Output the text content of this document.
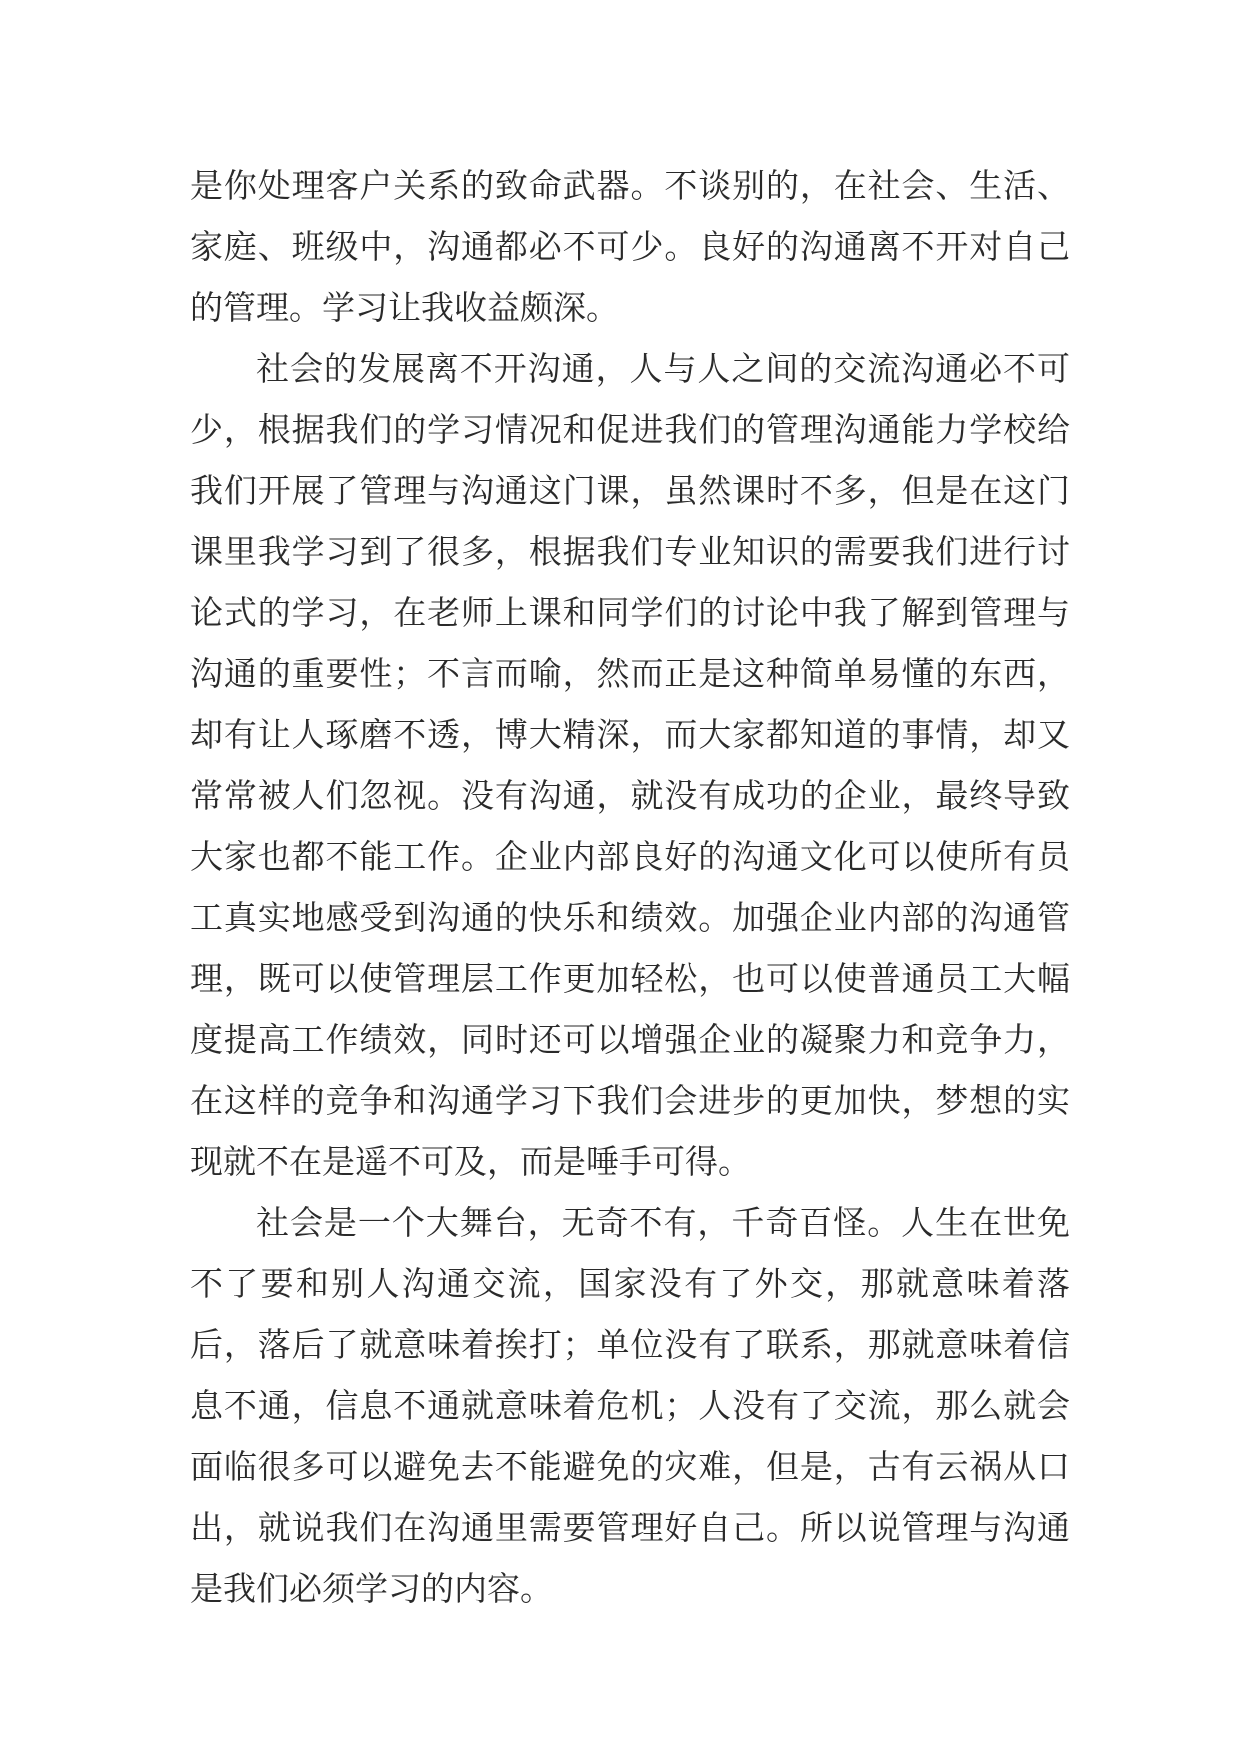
是你处理客户关系的致命武器。不谈别的，在社会、生活、家庭、班级中，沟通都必不可少。良好的沟通离不开对自己的管理。学习让我收益颇深。

社会的发展离不开沟通，人与人之间的交流沟通必不可少，根据我们的学习情况和促进我们的管理沟通能力学校给我们开展了管理与沟通这门课，虽然课时不多，但是在这门课里我学习到了很多，根据我们专业知识的需要我们进行讨论式的学习，在老师上课和同学们的讨论中我了解到管理与沟通的重要性；不言而喻，然而正是这种简单易懂的东西，却有让人琢磨不透，博大精深，而大家都知道的事情，却又常常被人们忽视。没有沟通，就没有成功的企业，最终导致大家也都不能工作。企业内部良好的沟通文化可以使所有员工真实地感受到沟通的快乐和绩效。加强企业内部的沟通管理，既可以使管理层工作更加轻松，也可以使普通员工大幅度提高工作绩效，同时还可以增强企业的凝聚力和竞争力，在这样的竞争和沟通学习下我们会进步的更加快，梦想的实现就不在是遥不可及，而是唾手可得。

社会是一个大舞台，无奇不有，千奇百怪。人生在世免不了要和别人沟通交流，国家没有了外交，那就意味着落后，落后了就意味着挨打；单位没有了联系，那就意味着信息不通，信息不通就意味着危机；人没有了交流，那么就会面临很多可以避免去不能避免的灾难，但是，古有云祸从口出，就说我们在沟通里需要管理好自己。所以说管理与沟通是我们必须学习的内容。
